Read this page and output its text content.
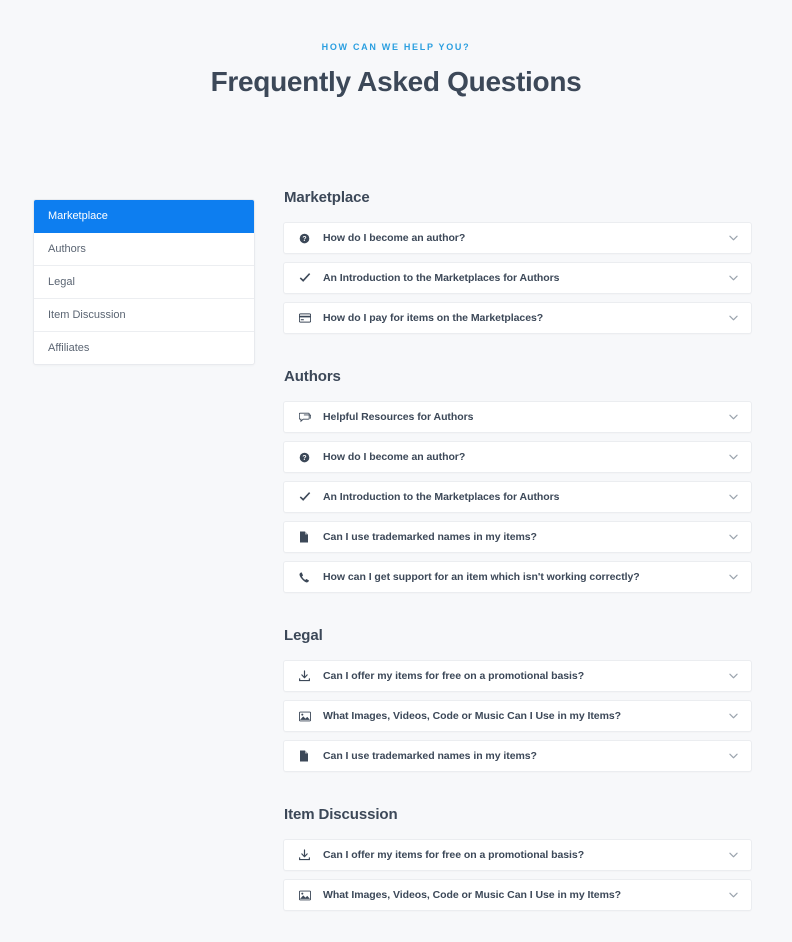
HOW CAN WE HELP YOU?

Frequently Asked Questions
Marketplace
Authors
Legal
Item Discussion
Affiliates
Marketplace
? How do I become an author?
An Introduction to the Marketplaces for Authors
How do I pay for items on the Marketplaces?
Authors
Helpful Resources for Authors
? How do I become an author?
An Introduction to the Marketplaces for Authors
Can I use trademarked names in my items?
How can I get support for an item which isn't working correctly?
Legal
Can I offer my items for free on a promotional basis?
What Images, Videos, Code or Music Can I Use in my Items?
Can I use trademarked names in my items?
Item Discussion
Can I offer my items for free on a promotional basis?
What Images, Videos, Code or Music Can I Use in my Items?
